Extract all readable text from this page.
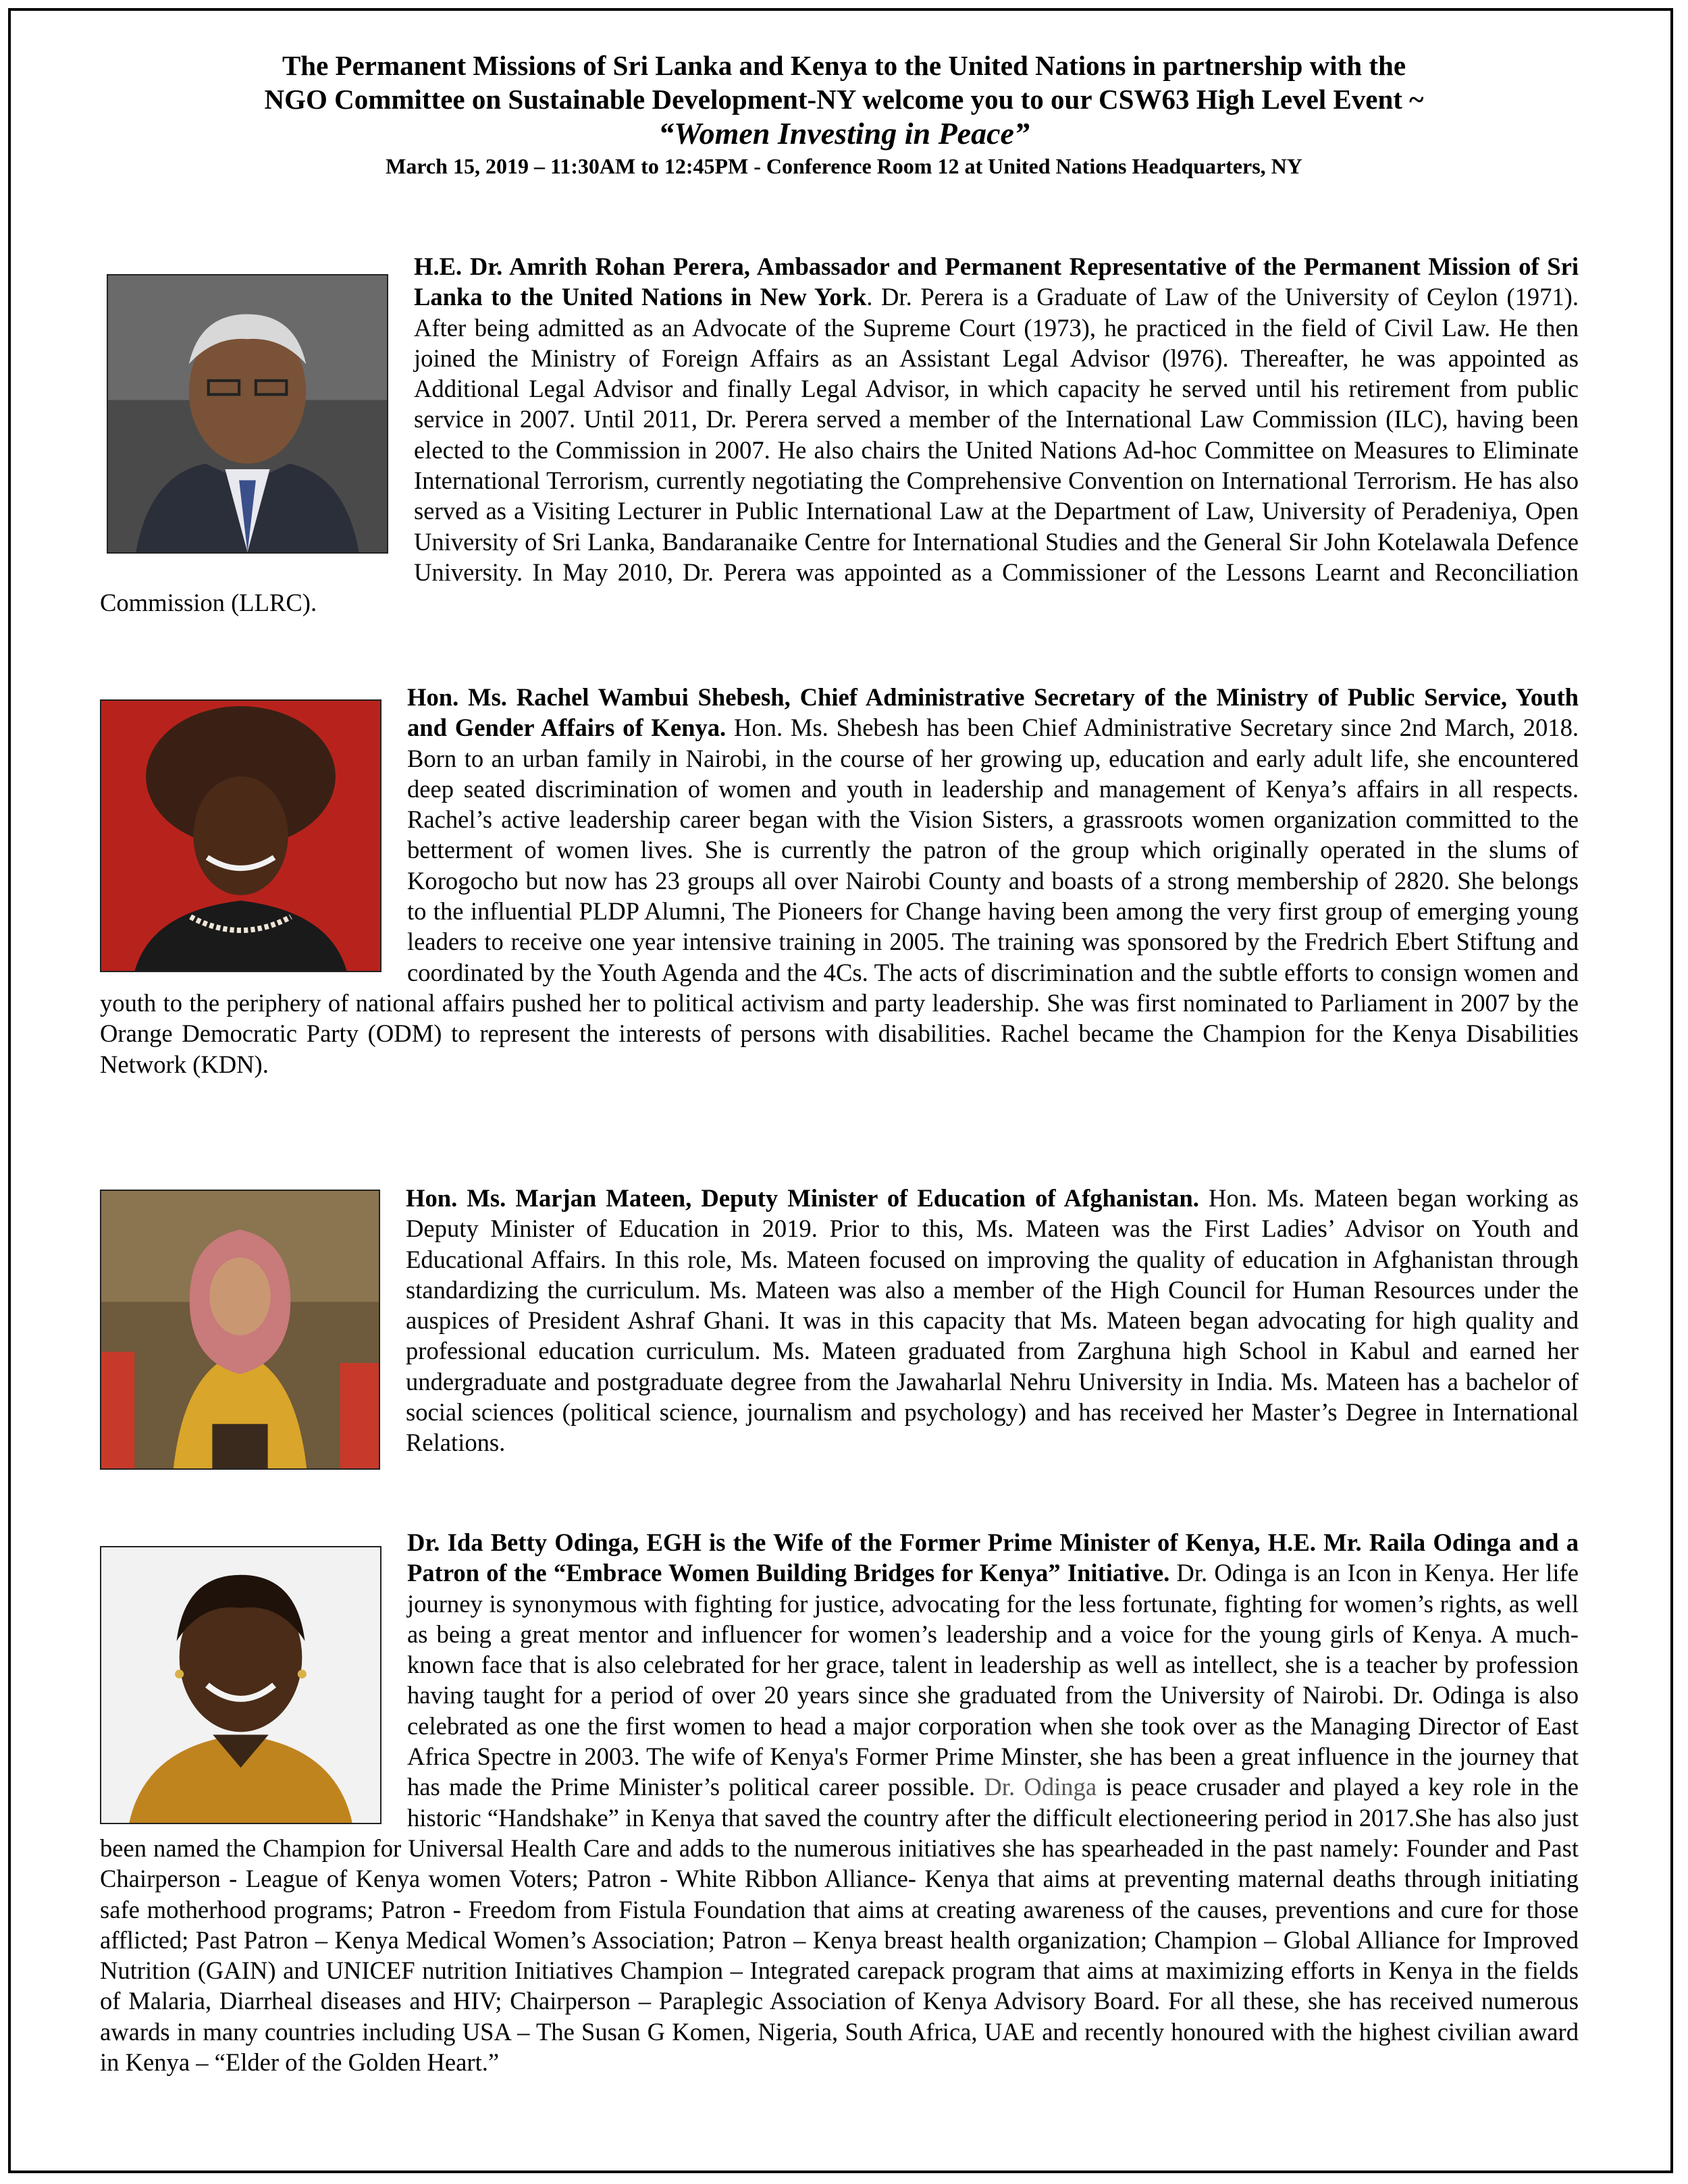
The Permanent Missions of Sri Lanka and Kenya to the United Nations in partnership with the
NGO Committee on Sustainable Development-NY welcome you to our CSW63 High Level Event ~
“Women Investing in Peace”
March 15, 2019 – 11:30AM to 12:45PM - Conference Room 12 at United Nations Headquarters, NY
H.E. Dr. Amrith Rohan Perera, Ambassador and Permanent Representative of the Permanent Mission of Sri Lanka to the United Nations in New York. Dr. Perera is a Graduate of Law of the University of Ceylon (1971). After being admitted as an Advocate of the Supreme Court (1973), he practiced in the field of Civil Law. He then joined the Ministry of Foreign Affairs as an Assistant Legal Advisor (l976). Thereafter, he was appointed as Additional Legal Advisor and finally Legal Advisor, in which capacity he served until his retirement from public service in 2007. Until 2011, Dr. Perera served a member of the International Law Commission (ILC), having been elected to the Commission in 2007. He also chairs the United Nations Ad-hoc Committee on Measures to Eliminate International Terrorism, currently negotiating the Comprehensive Convention on International Terrorism. He has also served as a Visiting Lecturer in Public International Law at the Department of Law, University of Peradeniya, Open University of Sri Lanka, Bandaranaike Centre for International Studies and the General Sir John Kotelawala Defence University. In May 2010, Dr. Perera was appointed as a Commissioner of the Lessons Learnt and Reconciliation Commission (LLRC).
Hon. Ms. Rachel Wambui Shebesh, Chief Administrative Secretary of the Ministry of Public Service, Youth and Gender Affairs of Kenya. Hon. Ms. Shebesh has been Chief Administrative Secretary since 2nd March, 2018. Born to an urban family in Nairobi, in the course of her growing up, education and early adult life, she encountered deep seated discrimination of women and youth in leadership and management of Kenya’s affairs in all respects. Rachel’s active leadership career began with the Vision Sisters, a grassroots women organization committed to the betterment of women lives. She is currently the patron of the group which originally operated in the slums of Korogocho but now has 23 groups all over Nairobi County and boasts of a strong membership of 2820. She belongs to the influential PLDP Alumni, The Pioneers for Change having been among the very first group of emerging young leaders to receive one year intensive training in 2005. The training was sponsored by the Fredrich Ebert Stiftung and coordinated by the Youth Agenda and the 4Cs. The acts of discrimination and the subtle efforts to consign women and youth to the periphery of national affairs pushed her to political activism and party leadership. She was first nominated to Parliament in 2007 by the Orange Democratic Party (ODM) to represent the interests of persons with disabilities. Rachel became the Champion for the Kenya Disabilities Network (KDN).
Hon. Ms. Marjan Mateen, Deputy Minister of Education of Afghanistan. Hon. Ms. Mateen began working as Deputy Minister of Education in 2019. Prior to this, Ms. Mateen was the First Ladies’ Advisor on Youth and Educational Affairs. In this role, Ms. Mateen focused on improving the quality of education in Afghanistan through standardizing the curriculum. Ms. Mateen was also a member of the High Council for Human Resources under the auspices of President Ashraf Ghani. It was in this capacity that Ms. Mateen began advocating for high quality and professional education curriculum. Ms. Mateen graduated from Zarghuna high School in Kabul and earned her undergraduate and postgraduate degree from the Jawaharlal Nehru University in India. Ms. Mateen has a bachelor of social sciences (political science, journalism and psychology) and has received her Master’s Degree in International Relations.
Dr. Ida Betty Odinga, EGH is the Wife of the Former Prime Minister of Kenya, H.E. Mr. Raila Odinga and a Patron of the “Embrace Women Building Bridges for Kenya” Initiative. Dr. Odinga is an Icon in Kenya. Her life journey is synonymous with fighting for justice, advocating for the less fortunate, fighting for women’s rights, as well as being a great mentor and influencer for women’s leadership and a voice for the young girls of Kenya. A much-known face that is also celebrated for her grace, talent in leadership as well as intellect, she is a teacher by profession having taught for a period of over 20 years since she graduated from the University of Nairobi. Dr. Odinga is also celebrated as one the first women to head a major corporation when she took over as the Managing Director of East Africa Spectre in 2003. The wife of Kenya's Former Prime Minster, she has been a great influence in the journey that has made the Prime Minister’s political career possible. Dr. Odinga is peace crusader and played a key role in the historic “Handshake” in Kenya that saved the country after the difficult electioneering period in 2017.She has also just been named the Champion for Universal Health Care and adds to the numerous initiatives she has spearheaded in the past namely: Founder and Past Chairperson - League of Kenya women Voters; Patron - White Ribbon Alliance- Kenya that aims at preventing maternal deaths through initiating safe motherhood programs; Patron - Freedom from Fistula Foundation that aims at creating awareness of the causes, preventions and cure for those afflicted; Past Patron – Kenya Medical Women’s Association; Patron – Kenya breast health organization; Champion – Global Alliance for Improved Nutrition (GAIN) and UNICEF nutrition Initiatives Champion – Integrated carepack program that aims at maximizing efforts in Kenya in the fields of Malaria, Diarrheal diseases and HIV; Chairperson – Paraplegic Association of Kenya Advisory Board. For all these, she has received numerous awards in many countries including USA – The Susan G Komen, Nigeria, South Africa, UAE and recently honoured with the highest civilian award in Kenya – “Elder of the Golden Heart.”
